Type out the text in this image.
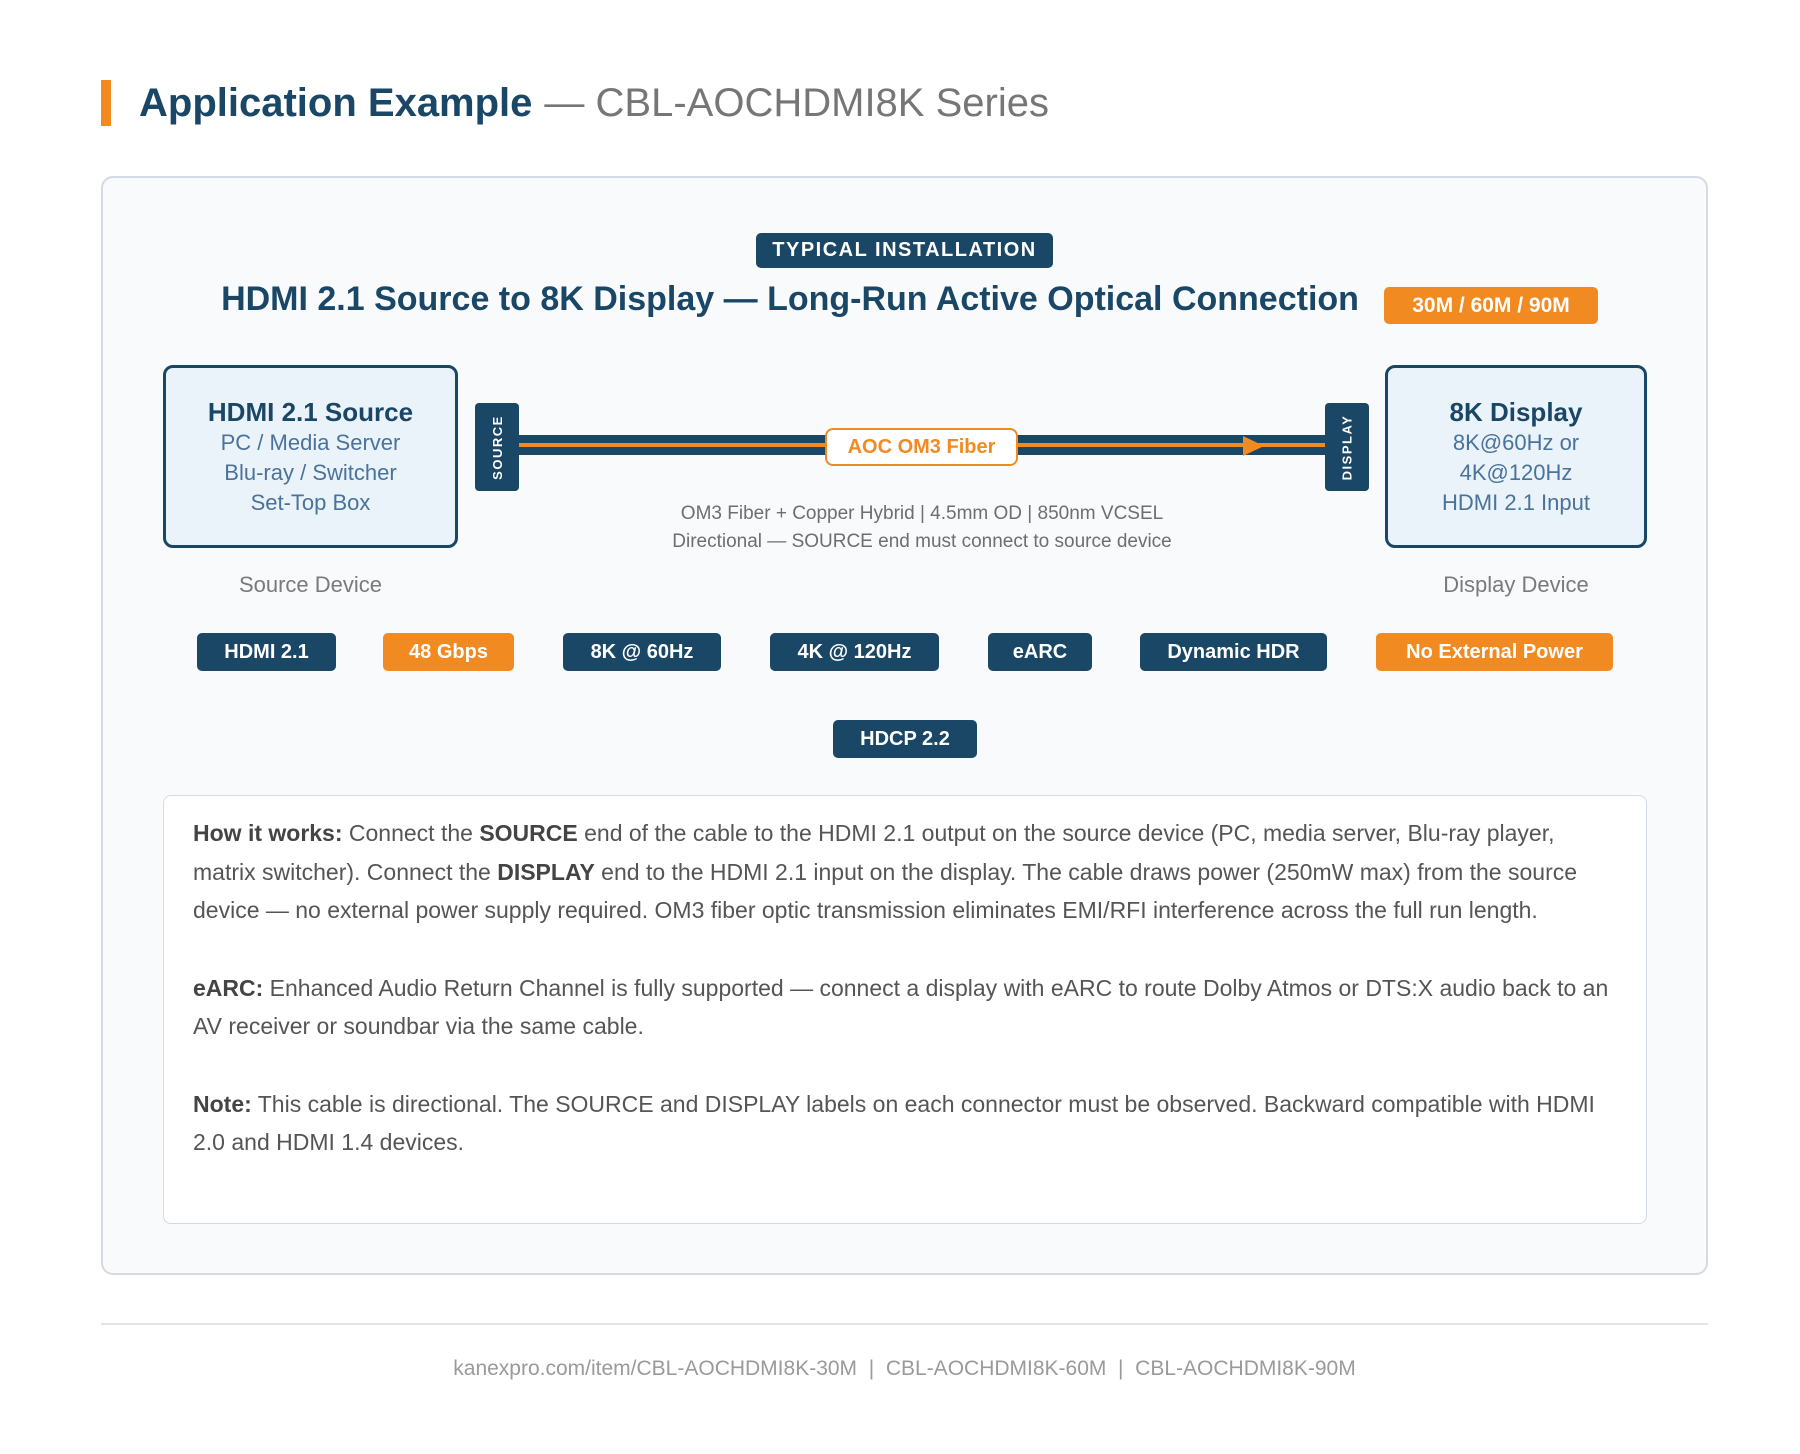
Application Example — CBL-AOCHDMI8K Series
TYPICAL INSTALLATION
HDMI 2.1 Source to 8K Display — Long-Run Active Optical Connection	30M / 60M / 90M
HDMI 2.1 Source
PC / Media Server
Blu-ray / Switcher
Set-Top Box
Source Device
8K Display
8K@60Hz or
4K@120Hz
HDMI 2.1 Input
Display Device
SOURCE	DISPLAY
AOC OM3 Fiber
OM3 Fiber + Copper Hybrid | 4.5mm OD | 850nm VCSEL
Directional — SOURCE end must connect to source device
HDMI 2.1	48 Gbps	8K @ 60Hz	4K @ 120Hz	eARC	Dynamic HDR	No External Power
HDCP 2.2

How it works: Connect the SOURCE end of the cable to the HDMI 2.1 output on the source device (PC, media server, Blu-ray player, matrix switcher). Connect the DISPLAY end to the HDMI 2.1 input on the display. The cable draws power (250mW max) from the source device — no external power supply required. OM3 fiber optic transmission eliminates EMI/RFI interference across the full run length.

eARC: Enhanced Audio Return Channel is fully supported — connect a display with eARC to route Dolby Atmos or DTS:X audio back to an AV receiver or soundbar via the same cable.

Note: This cable is directional. The SOURCE and DISPLAY labels on each connector must be observed. Backward compatible with HDMI 2.0 and HDMI 1.4 devices.

kanexpro.com/item/CBL-AOCHDMI8K-30M  |  CBL-AOCHDMI8K-60M  |  CBL-AOCHDMI8K-90M
